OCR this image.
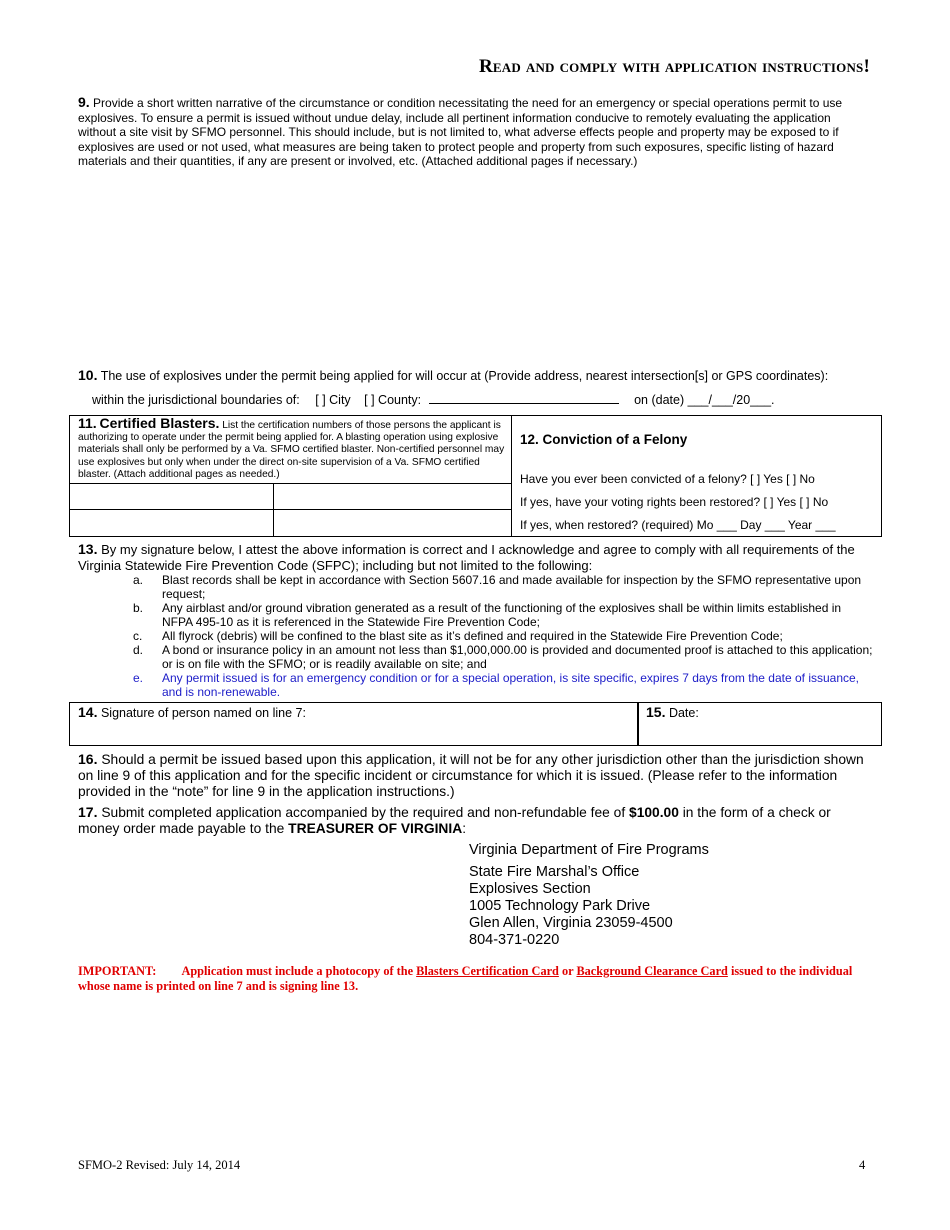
Read and comply with application instructions!
9. Provide a short written narrative of the circumstance or condition necessitating the need for an emergency or special operations permit to use explosives. To ensure a permit is issued without undue delay, include all pertinent information conducive to remotely evaluating the application without a site visit by SFMO personnel. This should include, but is not limited to, what adverse effects people and property may be exposed to if explosives are used or not used, what measures are being taken to protect people and property from such exposures, specific listing of hazard materials and their quantities, if any are present or involved, etc. (Attached additional pages if necessary.)
10. The use of explosives under the permit being applied for will occur at (Provide address, nearest intersection[s] or GPS coordinates):
within the jurisdictional boundaries of: [ ] City [ ] County:	on (date) ___/___/20___.
11. Certified Blasters. List the certification numbers of those persons the applicant is authorizing to operate under the permit being applied for. A blasting operation using explosive materials shall only be performed by a Va. SFMO certified blaster. Non-certified personnel may use explosives but only when under the direct on-site supervision of a Va. SFMO certified blaster. (Attach additional pages as needed.)
12. Conviction of a Felony
Have you ever been convicted of a felony? [ ] Yes [ ] No
If yes, have your voting rights been restored? [ ] Yes [ ] No
If yes, when restored? (required) Mo ___ Day ___ Year ___
13. By my signature below, I attest the above information is correct and I acknowledge and agree to comply with all requirements of the Virginia Statewide Fire Prevention Code (SFPC); including but not limited to the following:
a. Blast records shall be kept in accordance with Section 5607.16 and made available for inspection by the SFMO representative upon request;
b. Any airblast and/or ground vibration generated as a result of the functioning of the explosives shall be within limits established in NFPA 495-10 as it is referenced in the Statewide Fire Prevention Code;
c. All flyrock (debris) will be confined to the blast site as it’s defined and required in the Statewide Fire Prevention Code;
d. A bond or insurance policy in an amount not less than $1,000,000.00 is provided and documented proof is attached to this application; or is on file with the SFMO; or is readily available on site; and
e. Any permit issued is for an emergency condition or for a special operation, is site specific, expires 7 days from the date of issuance, and is non-renewable.
14. Signature of person named on line 7:	15. Date:
16. Should a permit be issued based upon this application, it will not be for any other jurisdiction other than the jurisdiction shown on line 9 of this application and for the specific incident or circumstance for which it is issued. (Please refer to the information provided in the “note” for line 9 in the application instructions.)
17. Submit completed application accompanied by the required and non-refundable fee of $100.00 in the form of a check or money order made payable to the TREASURER OF VIRGINIA:
Virginia Department of Fire Programs
State Fire Marshal’s Office
Explosives Section
1005 Technology Park Drive
Glen Allen, Virginia 23059-4500
804-371-0220
IMPORTANT: Application must include a photocopy of the Blasters Certification Card or Background Clearance Card issued to the individual whose name is printed on line 7 and is signing line 13.
SFMO-2 Revised: July 14, 2014	4
